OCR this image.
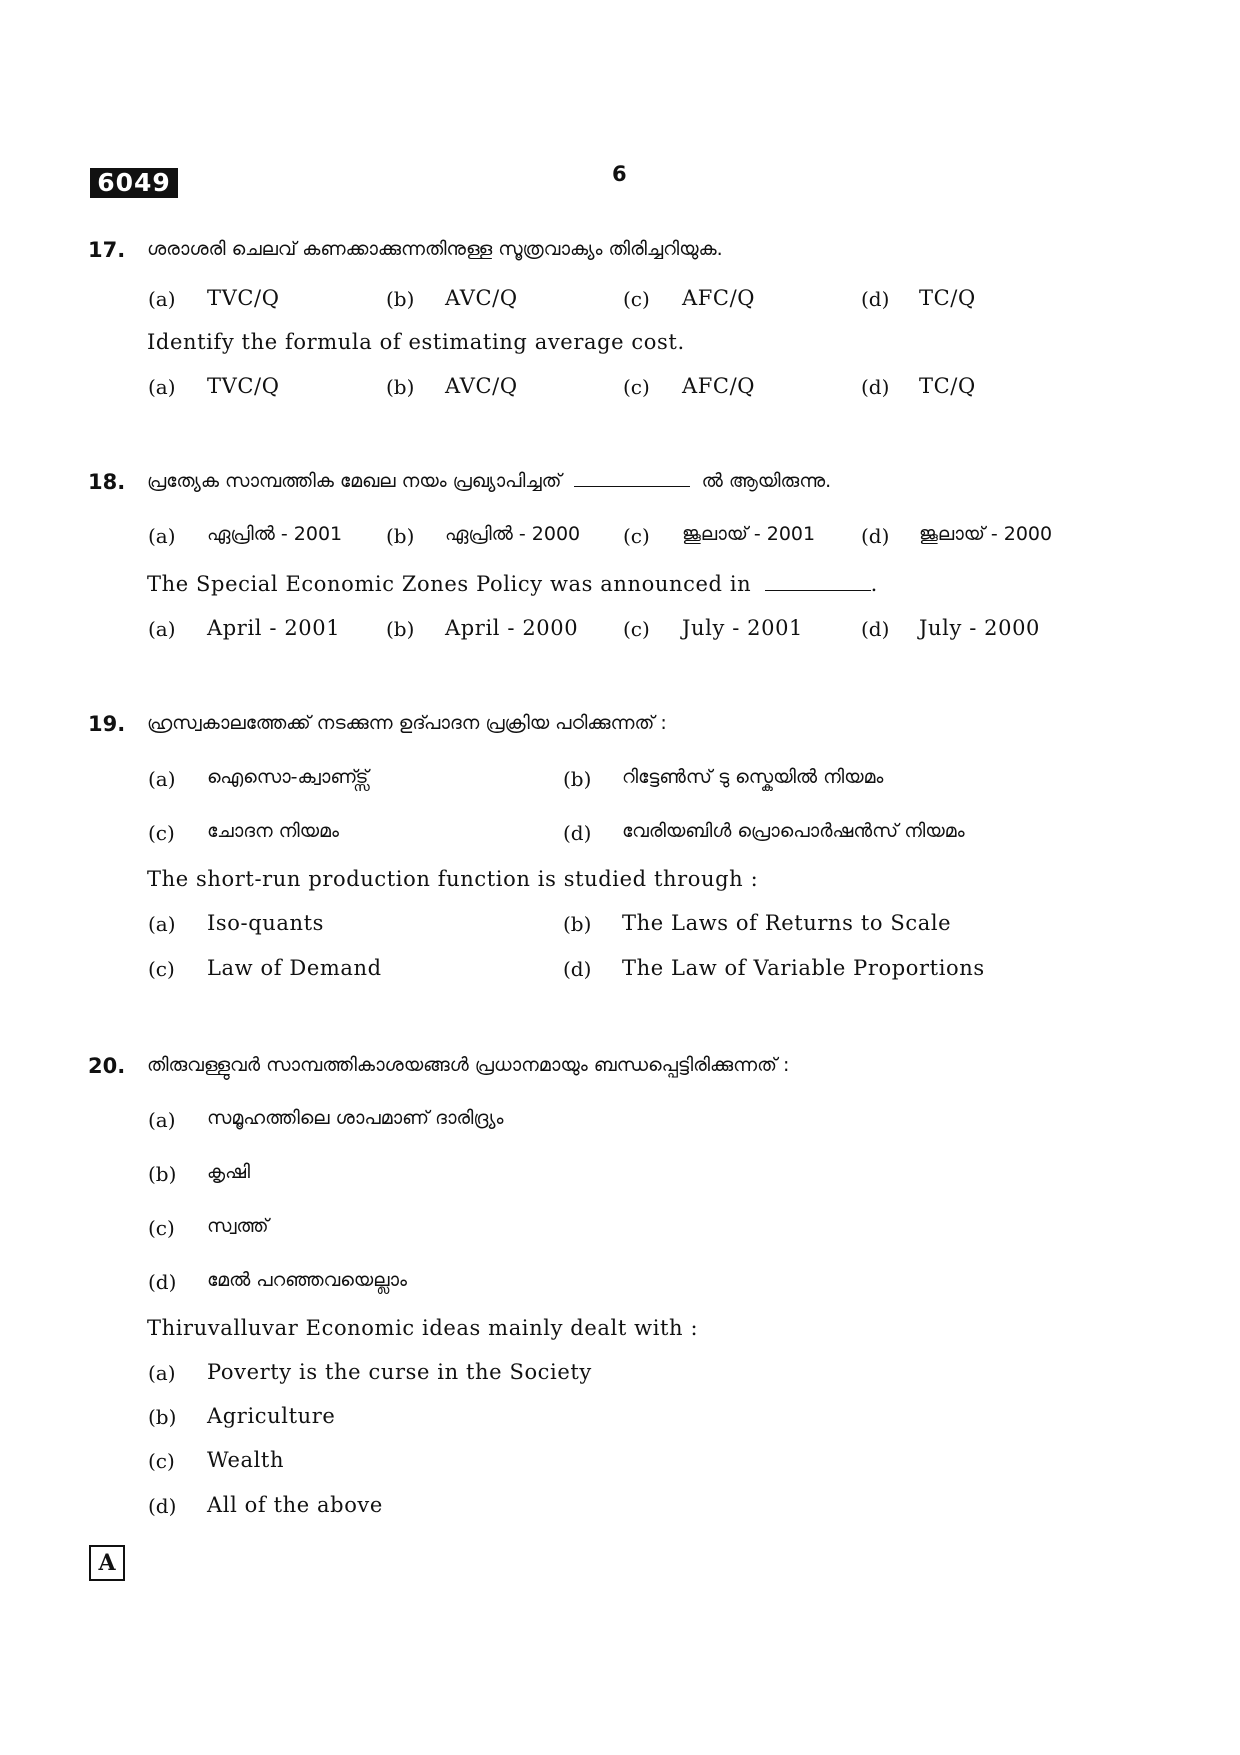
6049	6
17. ശരാശരി ചെലവ് കണക്കാക്കുന്നതിനുള്ള സൂത്രവാക്യം തിരിച്ചറിയുക.
(a) TVC/Q	(b) AVC/Q	(c) AFC/Q	(d) TC/Q
Identify the formula of estimating average cost.
(a) TVC/Q	(b) AVC/Q	(c) AFC/Q	(d) TC/Q
18. പ്രത്യേക സാമ്പത്തിക മേഖല നയം പ്രഖ്യാപിച്ചത്	ൽ ആയിരുന്നു.
(a) ഏപ്രിൽ - 2001 (b) ഏപ്രിൽ - 2000 (c) ജൂലായ് - 2001 (d) ജൂലായ് - 2000
The Special Economic Zones Policy was announced in	.
(a) April - 2001 (b) April - 2000 (c) July - 2001	(d) July - 2000
19. ഹ്രസ്വകാലത്തേക്ക് നടക്കുന്ന ഉദ്പാദന പ്രക്രിയ പഠിക്കുന്നത് :
(a) ഐസൊ-ക്വാണ്ട്സ്	(b) റിട്ടേൺസ് ടു സ്കെയിൽ നിയമം
(c) ചോദന നിയമം	(d) വേരിയബിൾ പ്രൊപൊർഷൻസ് നിയമം
The short-run production function is studied through :
(a) Iso-quants	(b) The Laws of Returns to Scale
(c) Law of Demand	(d) The Law of Variable Proportions
20. തിരുവള്ളുവർ സാമ്പത്തികാശയങ്ങൾ പ്രധാനമായും ബന്ധപ്പെട്ടിരിക്കുന്നത് :
(a) സമൂഹത്തിലെ ശാപമാണ് ദാരിദ്ര്യം
(b) കൃഷി
(c) സ്വത്ത്
(d) മേൽ പറഞ്ഞവയെല്ലാം
Thiruvalluvar Economic ideas mainly dealt with :
(a) Poverty is the curse in the Society
(b) Agriculture
(c) Wealth
(d) All of the above
A
